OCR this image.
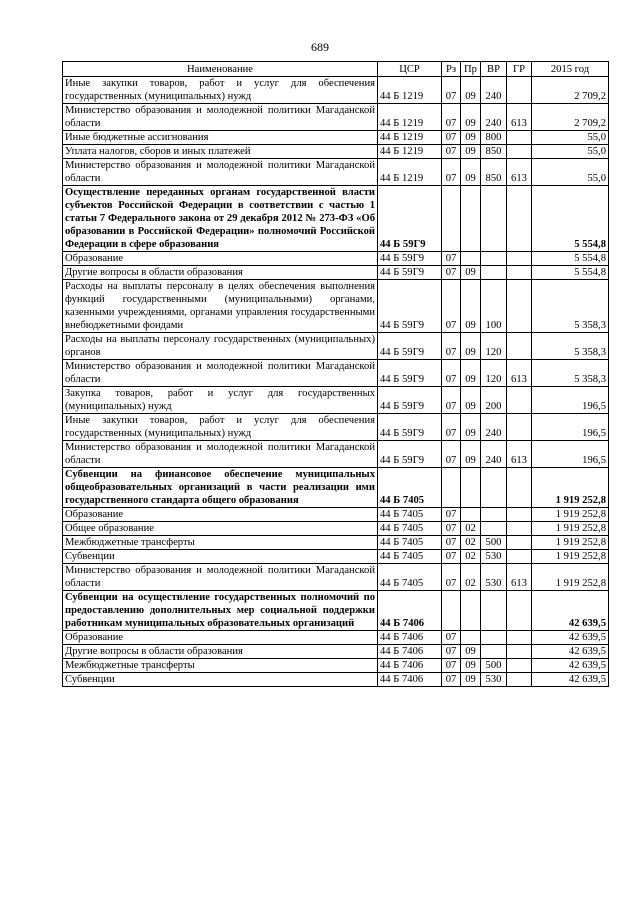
689
Наименование	ЦСР	Рз	Пр	ВР	ГР	2015 год
Иные закупки товаров, работ и услуг для обеспечения государственных (муниципальных) нужд	44 Б 1219	07	09	240		2 709,2
Министерство образования и молодежной политики Магаданской области	44 Б 1219	07	09	240	613	2 709,2
Иные бюджетные ассигнования	44 Б 1219	07	09	800		55,0
Уплата налогов, сборов и иных платежей	44 Б 1219	07	09	850		55,0
Министерство образования и молодежной политики Магаданской области	44 Б 1219	07	09	850	613	55,0
Осуществление переданных органам государственной власти субъектов Российской Федерации в соответствии с частью 1 статьи 7 Федерального закона от 29 декабря 2012 № 273-ФЗ «Об образовании в Российской Федерации» полномочий Российской Федерации в сфере образования	44 Б 59Г9					5 554,8
Образование	44 Б 59Г9	07				5 554,8
Другие вопросы в области образования	44 Б 59Г9	07	09			5 554,8
Расходы на выплаты персоналу в целях обеспечения выполнения функций государственными (муниципальными) органами, казенными учреждениями, органами управления государственными внебюджетными фондами	44 Б 59Г9	07	09	100		5 358,3
Расходы на выплаты персоналу государственных (муниципальных) органов	44 Б 59Г9	07	09	120		5 358,3
Министерство образования и молодежной политики Магаданской области	44 Б 59Г9	07	09	120	613	5 358,3
Закупка товаров, работ и услуг для государственных (муниципальных) нужд	44 Б 59Г9	07	09	200		196,5
Иные закупки товаров, работ и услуг для обеспечения государственных (муниципальных) нужд	44 Б 59Г9	07	09	240		196,5
Министерство образования и молодежной политики Магаданской области	44 Б 59Г9	07	09	240	613	196,5
Субвенции на финансовое обеспечение муниципальных общеобразовательных организаций в части реализации ими государственного стандарта общего образования	44 Б 7405					1 919 252,8
Образование	44 Б 7405	07				1 919 252,8
Общее образование	44 Б 7405	07	02			1 919 252,8
Межбюджетные трансферты	44 Б 7405	07	02	500		1 919 252,8
Субвенции	44 Б 7405	07	02	530		1 919 252,8
Министерство образования и молодежной политики Магаданской области	44 Б 7405	07	02	530	613	1 919 252,8
Субвенции на осуществление государственных полномочий по предоставлению дополнительных мер социальной поддержки работникам муниципальных образовательных организаций	44 Б 7406					42 639,5
Образование	44 Б 7406	07				42 639,5
Другие вопросы в области образования	44 Б 7406	07	09			42 639,5
Межбюджетные трансферты	44 Б 7406	07	09	500		42 639,5
Субвенции	44 Б 7406	07	09	530		42 639,5
